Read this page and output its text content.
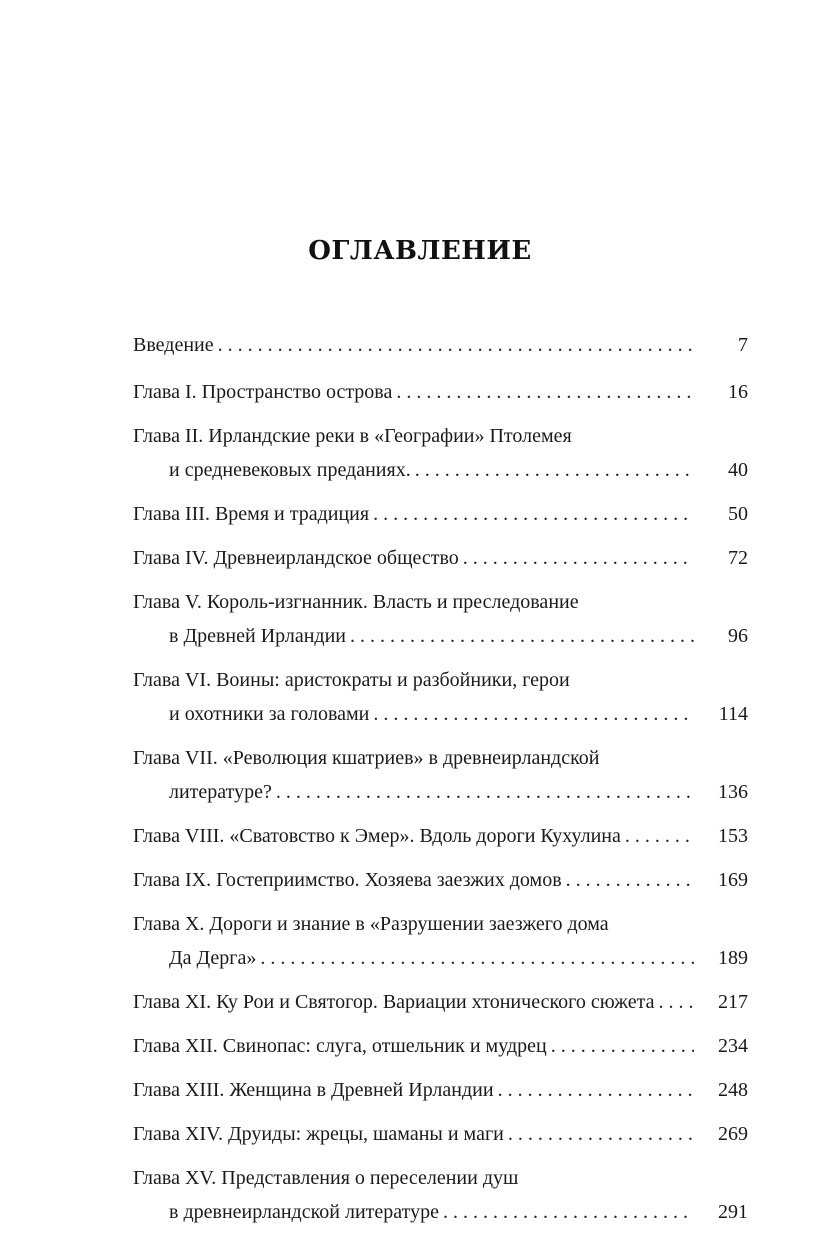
ОГЛАВЛЕНИЕ
Введение . . .	7
Глава I. Пространство острова . . .	16
Глава II. Ирландские реки в «Географии» Птолемея
и средневековых преданиях. . . .	40
Глава III. Время и традиция . . .	50
Глава IV. Древнеирландское общество . . .	72
Глава V. Король-изгнанник. Власть и преследование
в Древней Ирландии . . .	96
Глава VI. Воины: аристократы и разбойники, герои
и охотники за головами . . .	114
Глава VII. «Революция кшатриев» в древнеирландской
литературе? . . .	136
Глава VIII. «Сватовство к Эмер». Вдоль дороги Кухулина . . .	153
Глава IX. Гостеприимство. Хозяева заезжих домов . . .	169
Глава X. Дороги и знание в «Разрушении заезжего дома
Да Дерга» . . .	189
Глава XI. Ку Рои и Святогор. Вариации хтонического сюжета . . .	217
Глава XII. Свинопас: слуга, отшельник и мудрец . . .	234
Глава XIII. Женщина в Древней Ирландии . . .	248
Глава XIV. Друиды: жрецы, шаманы и маги . . .	269
Глава XV. Представления о переселении душ
в древнеирландской литературе . . .	291
